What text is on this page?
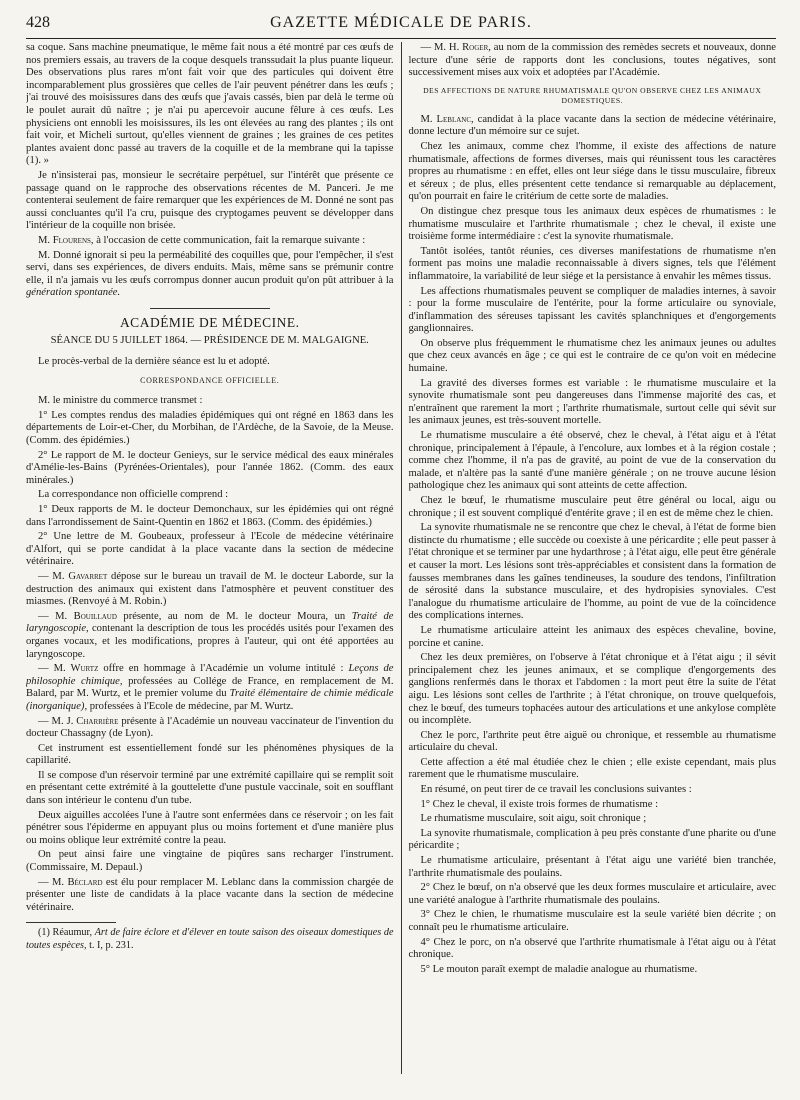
428	GAZETTE MÉDICALE DE PARIS.

sa coque. Sans machine pneumatique, le même fait nous a été montré par ces œufs de nos premiers essais, au travers de la coque desquels transsudait la plus puante liqueur. Des observations plus rares m'ont fait voir que des particules qui doivent être incomparablement plus grossières que celles de l'air peuvent pénétrer dans les œufs ; j'ai trouvé des moisissures dans des œufs que j'avais cassés, bien par delà le terme où le poulet aurait dû naître ; je n'ai pu apercevoir aucune fêlure à ces œufs. Les physiciens ont ennobli les moisissures, ils les ont élevées au rang des plantes ; ils ont fait voir, et Micheli surtout, qu'elles viennent de graines ; les graines de ces petites plantes avaient donc passé au travers de la coquille et de la membrane qui la tapisse (1). »

Je n'insisterai pas, monsieur le secrétaire perpétuel, sur l'intérêt que présente ce passage quand on le rapproche des observations récentes de M. Panceri. Je me contenterai seulement de faire remarquer que les expériences de M. Donné ne sont pas aussi concluantes qu'il l'a cru, puisque des cryptogames peuvent se développer dans l'intérieur de la coquille non brisée.

M. Flourens, à l'occasion de cette communication, fait la remarque suivante :

M. Donné ignorait si peu la perméabilité des coquilles que, pour l'empêcher, il s'est servi, dans ses expériences, de divers enduits. Mais, même sans se prémunir contre elle, il n'a jamais vu les œufs corrompus donner aucun produit qu'on pût attribuer à la génération spontanée.

ACADÉMIE DE MÉDECINE.
SÉANCE DU 5 JUILLET 1864. — PRÉSIDENCE DE M. MALGAIGNE.

Le procès-verbal de la dernière séance est lu et adopté.

CORRESPONDANCE OFFICIELLE.

M. le ministre du commerce transmet :

1° Les comptes rendus des maladies épidémiques qui ont régné en 1863 dans les départements de Loir-et-Cher, du Morbihan, de l'Ardèche, de la Savoie, de la Meuse. (Comm. des épidémies.)

2° Le rapport de M. le docteur Genieys, sur le service médical des eaux minérales d'Amélie-les-Bains (Pyrénées-Orientales), pour l'année 1862. (Comm. des eaux minérales.)

La correspondance non officielle comprend :

1° Deux rapports de M. le docteur Demonchaux, sur les épidémies qui ont régné dans l'arrondissement de Saint-Quentin en 1862 et 1863. (Comm. des épidémies.)

2° Une lettre de M. Goubeaux, professeur à l'Ecole de médecine vétérinaire d'Alfort, qui se porte candidat à la place vacante dans la section de médecine vétérinaire.

— M. Gavarret dépose sur le bureau un travail de M. le docteur Laborde, sur la destruction des animaux qui existent dans l'atmosphère et peuvent constituer des miasmes. (Renvoyé à M. Robin.)

— M. Bouillaud présente, au nom de M. le docteur Moura, un Traité de laryngoscopie, contenant la description de tous les procédés usités pour l'examen des organes vocaux, et les modifications, propres à l'auteur, qui ont été apportées au laryngoscope.

— M. Wurtz offre en hommage à l'Académie un volume intitulé : Leçons de philosophie chimique, professées au Collége de France, en remplacement de M. Balard, par M. Wurtz, et le premier volume du Traité élémentaire de chimie médicale (inorganique), professées à l'Ecole de médecine, par M. Wurtz.

— M. J. Charrière présente à l'Académie un nouveau vaccinateur de l'invention du docteur Chassagny (de Lyon).

Cet instrument est essentiellement fondé sur les phénomènes physiques de la capillarité.

Il se compose d'un réservoir terminé par une extrémité capillaire qui se remplit soit en présentant cette extrémité à la gouttelette d'une pustule vaccinale, soit en soufflant dans son intérieur le contenu d'un tube.

Deux aiguilles accolées l'une à l'autre sont enfermées dans ce réservoir ; on les fait pénétrer sous l'épiderme en appuyant plus ou moins fortement et d'une manière plus ou moins oblique leur extrémité contre la peau.

On peut ainsi faire une vingtaine de piqûres sans recharger l'instrument. (Commissaire, M. Depaul.)

— M. Béclard est élu pour remplacer M. Leblanc dans la commission chargée de présenter une liste de candidats à la place vacante dans la section de médecine vétérinaire.

(1) Réaumur, Art de faire éclore et d'élever en toute saison des oiseaux domestiques de toutes espèces, t. I, p. 231.

— M. H. Roger, au nom de la commission des remèdes secrets et nouveaux, donne lecture d'une série de rapports dont les conclusions, toutes négatives, sont successivement mises aux voix et adoptées par l'Académie.

DES AFFECTIONS DE NATURE RHUMATISMALE QU'ON OBSERVE CHEZ LES ANIMAUX DOMESTIQUES.

M. Leblanc, candidat à la place vacante dans la section de médecine vétérinaire, donne lecture d'un mémoire sur ce sujet.

Chez les animaux, comme chez l'homme, il existe des affections de nature rhumatismale, affections de formes diverses, mais qui réunissent tous les caractères propres au rhumatisme : en effet, elles ont leur siége dans le tissu musculaire, fibreux et séreux ; de plus, elles présentent cette tendance si remarquable au déplacement, qu'on pourrait en faire le critérium de cette sorte de maladies.

On distingue chez presque tous les animaux deux espèces de rhumatismes : le rhumatisme musculaire et l'arthrite rhumatismale ; chez le cheval, il existe une troisième forme intermédiaire : c'est la synovite rhumatismale.

Tantôt isolées, tantôt réunies, ces diverses manifestations de rhumatisme n'en forment pas moins une maladie reconnaissable à divers signes, tels que l'élément inflammatoire, la variabilité de leur siége et la persistance à envahir les mêmes tissus.

Les affections rhumatismales peuvent se compliquer de maladies internes, à savoir : pour la forme musculaire de l'entérite, pour la forme articulaire ou synoviale, d'inflammation des séreuses tapissant les cavités splanchniques et d'engorgements ganglionnaires.

On observe plus fréquemment le rhumatisme chez les animaux jeunes ou adultes que chez ceux avancés en âge ; ce qui est le contraire de ce qu'on voit en médecine humaine.

La gravité des diverses formes est variable : le rhumatisme musculaire et la synovite rhumatismale sont peu dangereuses dans l'immense majorité des cas, et n'entraînent que rarement la mort ; l'arthrite rhumatismale, surtout celle qui sévit sur les animaux jeunes, est très-souvent mortelle.

Le rhumatisme musculaire a été observé, chez le cheval, à l'état aigu et à l'état chronique, principalement à l'épaule, à l'encolure, aux lombes et à la région costale ; comme chez l'homme, il n'a pas de gravité, au point de vue de la conservation du malade, et n'altère pas la santé d'une manière générale ; on ne trouve aucune lésion pathologique chez les animaux qui sont atteints de cette affection.

Chez le bœuf, le rhumatisme musculaire peut être général ou local, aigu ou chronique ; il est souvent compliqué d'entérite grave ; il en est de même chez le chien.

La synovite rhumatismale ne se rencontre que chez le cheval, à l'état de forme bien distincte du rhumatisme ; elle succède ou coexiste à une péricardite ; elle peut passer à l'état chronique et se terminer par une hydarthrose ; à l'état aigu, elle peut être générale et causer la mort. Les lésions sont très-appréciables et consistent dans la formation de fausses membranes dans les gaînes tendineuses, la soudure des tendons, l'infiltration de sérosité dans la substance musculaire, et des hydropisies synoviales. C'est l'analogue du rhumatisme articulaire de l'homme, au point de vue de la coïncidence des complications internes.

Le rhumatisme articulaire atteint les animaux des espèces chevaline, bovine, porcine et canine.

Chez les deux premières, on l'observe à l'état chronique et à l'état aigu ; il sévit principalement chez les jeunes animaux, et se complique d'engorgements des ganglions renfermés dans le thorax et l'abdomen : la mort peut être la suite de l'état aigu. Les lésions sont celles de l'arthrite ; à l'état chronique, on trouve quelquefois, chez le bœuf, des tumeurs tophacées autour des articulations et une ankylose complète ou incomplète.

Chez le porc, l'arthrite peut être aiguë ou chronique, et ressemble au rhumatisme articulaire du cheval.

Cette affection a été mal étudiée chez le chien ; elle existe cependant, mais plus rarement que le rhumatisme musculaire.

En résumé, on peut tirer de ce travail les conclusions suivantes :

1° Chez le cheval, il existe trois formes de rhumatisme :

Le rhumatisme musculaire, soit aigu, soit chronique ;

La synovite rhumatismale, complication à peu près constante d'une pharite ou d'une péricardite ;

Le rhumatisme articulaire, présentant à l'état aigu une variété bien tranchée, l'arthrite rhumatismale des poulains.

2° Chez le bœuf, on n'a observé que les deux formes musculaire et articulaire, avec une variété analogue à l'arthrite rhumatismale des poulains.

3° Chez le chien, le rhumatisme musculaire est la seule variété bien décrite ; on connaît peu le rhumatisme articulaire.

4° Chez le porc, on n'a observé que l'arthrite rhumatismale à l'état aigu ou à l'état chronique.

5° Le mouton paraît exempt de maladie analogue au rhumatisme.
